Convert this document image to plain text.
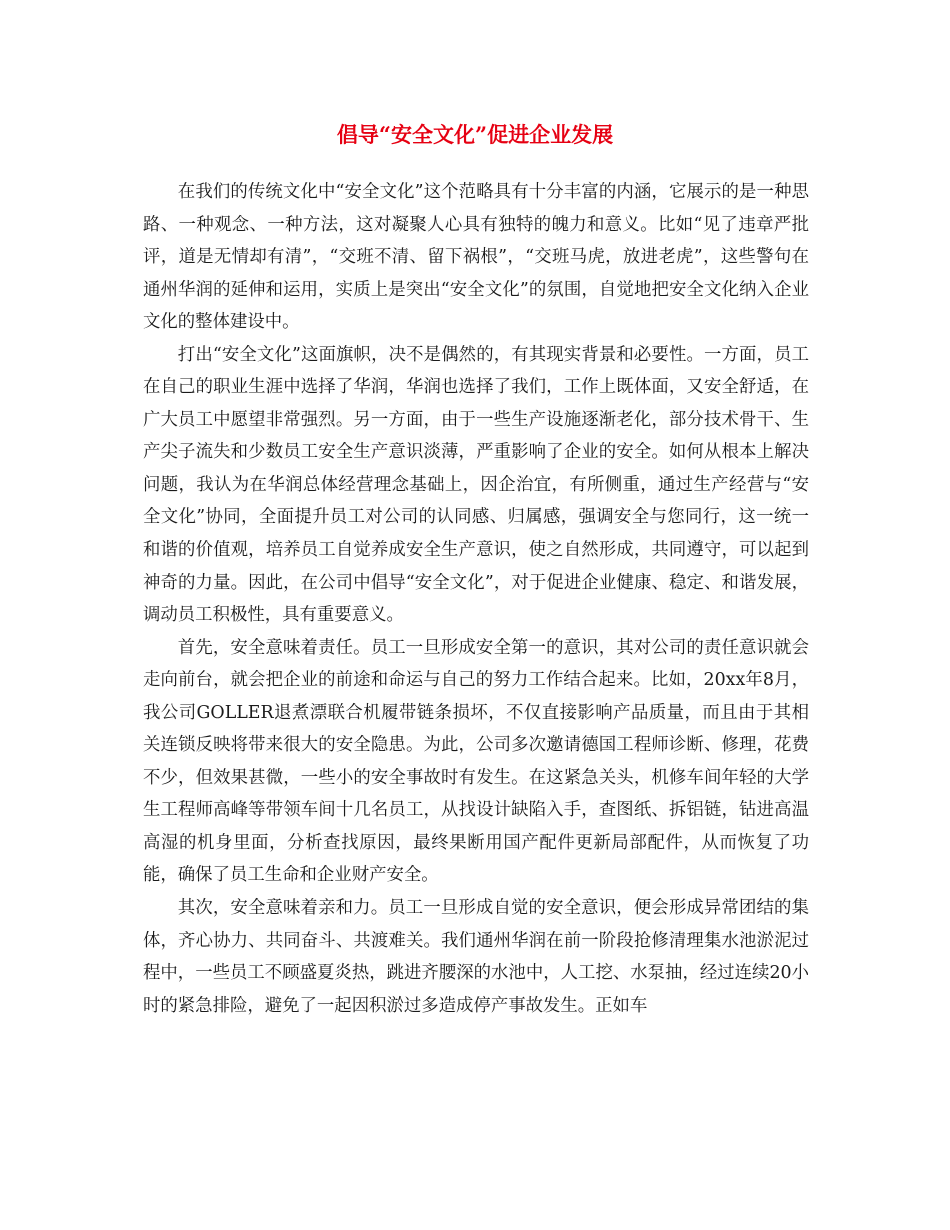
倡导“安全文化”促进企业发展

在我们的传统文化中“安全文化”这个范略具有十分丰富的内涵，它展示的是一种思路、一种观念、一种方法，这对凝聚人心具有独特的魄力和意义。比如“见了违章严批评，道是无情却有清”，“交班不清、留下祸根”，“交班马虎，放进老虎”，这些警句在通州华润的延伸和运用，实质上是突出“安全文化”的氛围，自觉地把安全文化纳入企业文化的整体建设中。

打出“安全文化”这面旗帜，决不是偶然的，有其现实背景和必要性。一方面，员工在自己的职业生涯中选择了华润，华润也选择了我们，工作上既体面，又安全舒适，在广大员工中愿望非常强烈。另一方面，由于一些生产设施逐渐老化，部分技术骨干、生产尖子流失和少数员工安全生产意识淡薄，严重影响了企业的安全。如何从根本上解决问题，我认为在华润总体经营理念基础上，因企治宜，有所侧重，通过生产经营与“安全文化”协同，全面提升员工对公司的认同感、归属感，强调安全与您同行，这一统一和谐的价值观，培养员工自觉养成安全生产意识，使之自然形成，共同遵守，可以起到神奇的力量。因此，在公司中倡导“安全文化”，对于促进企业健康、稳定、和谐发展，调动员工积极性，具有重要意义。

首先，安全意味着责任。员工一旦形成安全第一的意识，其对公司的责任意识就会走向前台，就会把企业的前途和命运与自己的努力工作结合起来。比如，20xx年8月，我公司GOLLER退煮漂联合机履带链条损坏，不仅直接影响产品质量，而且由于其相关连锁反映将带来很大的安全隐患。为此，公司多次邀请德国工程师诊断、修理，花费不少，但效果甚微，一些小的安全事故时有发生。在这紧急关头，机修车间年轻的大学生工程师高峰等带领车间十几名员工，从找设计缺陷入手，查图纸、拆铝链，钻进高温高湿的机身里面，分析查找原因，最终果断用国产配件更新局部配件，从而恢复了功能，确保了员工生命和企业财产安全。

其次，安全意味着亲和力。员工一旦形成自觉的安全意识，便会形成异常团结的集体，齐心协力、共同奋斗、共渡难关。我们通州华润在前一阶段抢修清理集水池淤泥过程中，一些员工不顾盛夏炎热，跳进齐腰深的水池中，人工挖、水泵抽，经过连续20小时的紧急排险，避免了一起因积淤过多造成停产事故发生。正如车
